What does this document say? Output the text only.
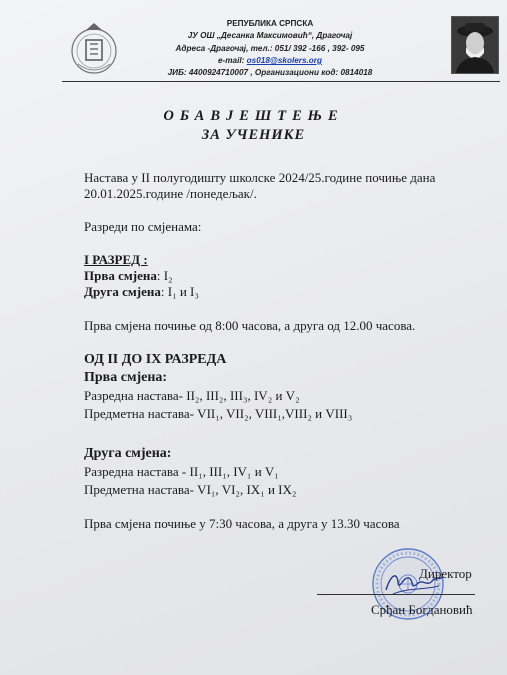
РЕПУБЛИКА СРПСКА
ЈУ ОШ „Десанка Максимовић“, Драгочај
Адреса -Драгочај, тел.: 051/ 392 -166 , 392- 095
e-mail: os018@skolers.org
ЈИБ: 4400924710007 , Организациони код: 0814018
ОБАВЈЕШТЕЊЕ
ЗА УЧЕНИКЕ
Настава у II полугодишту школске 2024/25.године почиње дана
20.01.2025.године /понедељак/.
Разреди по смјенама:
I РАЗРЕД :
Прва смјена: I₂
Друга смјена: I₁ и I₃
Прва смјена почиње од 8:00 часова, а друга од 12.00 часова.
ОД II ДО IX РАЗРЕДА
Прва смјена:
Разредна настава- II₂, III₂, III₃, IV₂ и V₂
Предметна настава- VII₁, VII₂, VIII₁,VIII₂ и VIII₃
Друга смјена:
Разредна настава - II₁, III₁, IV₁ и V₁
Предметна настава- VI₁, VI₂, IX₁ и IX₂
Прва смјена почиње у 7:30 часова, а друга у 13.30 часова
Директор
Срђан Богдановић
